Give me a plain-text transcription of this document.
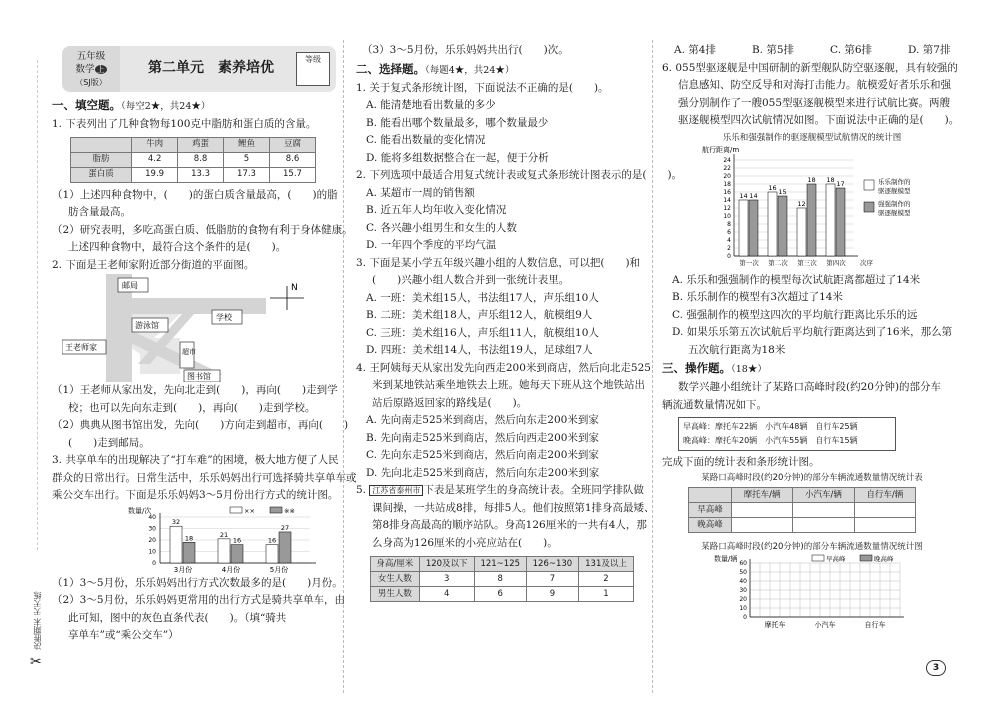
五年级
数学 上
（SJ版）
第二单元　素养培优
等级
决胜期末 天天练
✂
一、填空题。（每空2★，共24★）
1. 下表列出了几种食物每100克中脂肪和蛋白质的含量。
	牛肉	鸡蛋	鲤鱼	豆腐
脂肪	4.2	8.8	5	8.6
蛋白质	19.9	13.3	17.3	15.7
（1）上述四种食物中，(　　)的蛋白质含量最高，(　　)的脂
肪含量最高。
（2）研究表明，多吃高蛋白质、低脂肪的食物有利于身体健康。
上述四种食物中，最符合这个条件的是(　　)。
2. 下面是王老师家附近部分街道的平面图。
邮局
游泳馆
学校
王老师家	超市
图书馆
N
（1）王老师从家出发，先向北走到(　　)，再向(　　)走到学
校；也可以先向东走到(　　)，再向(　　)走到学校。
（2）典典从图书馆出发，先向(　　)方向走到超市，再向(　　)
(　　)走到邮局。
3. 共享单车的出现解决了“打车难”的困境，极大地方便了人民
群众的日常出行。日常生活中，乐乐妈妈出行可选择骑共享单车或
乘公交车出行。下面是乐乐妈妈3～5月份出行方式的统计图。
数量/次
0
10
20
30
40
××	※※
32
18
3月份
21
16
4月份
16
27
5月份
（1）3～5月份，乐乐妈妈出行方式次数最多的是(　　)月份。
（2）3～5月份，乐乐妈妈更常用的出行方式是骑共享单车，由
此可知，图中的灰色直条代表(　　)。（填“骑共
享单车”或“乘公交车”）
（3）3～5月份，乐乐妈妈共出行(　　)次。
二、选择题。（每题4★，共24★）
1. 关于复式条形统计图，下面说法不正确的是(　　)。
A. 能清楚地看出数量的多少
B. 能看出哪个数量最多，哪个数量最少
C. 能看出数量的变化情况
D. 能将多组数据整合在一起，便于分析
2. 下列选项中最适合用复式统计表或复式条形统计图表示的是(　　)。
A. 某超市一周的销售额
B. 近五年人均年收入变化情况
C. 各兴趣小组男生和女生的人数
D. 一年四个季度的平均气温
3. 下面是某小学五年级兴趣小组的人数信息，可以把(　　)和
(　　)兴趣小组人数合并到一张统计表里。
A. 一班：美术组15人，书法组17人，声乐组10人
B. 二班：美术组18人，声乐组12人，航模组9人
C. 三班：美术组16人，声乐组11人，航模组10人
D. 四班：美术组14人，书法组19人，足球组7人
4. 王阿姨每天从家出发先向西走200米到商店，然后向北走525
米到某地铁站乘坐地铁去上班。她每天下班从这个地铁站出
站后原路返回家的路线是(　　)。
A. 先向南走525米到商店，然后向东走200米到家
B. 先向南走525米到商店，然后向西走200米到家
C. 先向东走525米到商店，然后向南走200米到家
D. 先向北走525米到商店，然后向东走200米到家
5. 江苏省泰州市 下表是某班学生的身高统计表。全班同学排队做
课间操，一共站成8排，每排5人。他们按照第1排身高最矮、
第8排身高最高的顺序站队。身高126厘米的一共有4人，那
么身高为126厘米的小亮应站在(　　)。
身高/厘米	120及以下	121~125	126~130	131及以上
女生人数	3	8	7	2
男生人数	4	6	9	1
A. 第4排	B. 第5排	C. 第6排	D. 第7排
6. 055型驱逐舰是中国研制的新型舰队防空驱逐舰，具有较强的
信息感知、防空反导和对海打击能力。航模爱好者乐乐和强
强分别制作了一艘055型驱逐舰模型来进行试航比赛。两艘
驱逐舰模型四次试航情况如图。下面说法中正确的是(　　)。
乐乐和强强制作的驱逐舰模型试航情况的统计图
航行距离/m
0
2
4
6
8
10
12
14
16
18
20
22
24
14 14
第一次
16 15
第二次
12
18
第三次
18 17
第四次 次序
乐乐制作的
驱逐舰模型
强强制作的
驱逐舰模型
A. 乐乐和强强制作的模型每次试航距离都超过了14米
B. 乐乐制作的模型有3次超过了14米
C. 强强制作的模型这四次的平均航行距离比乐乐的远
D. 如果乐乐第五次试航后平均航行距离达到了16米，那么第
五次航行距离为18米
三、操作题。（18★）
数学兴趣小组统计了某路口高峰时段(约20分钟)的部分车
辆流通数量情况如下。
早高峰：摩托车22辆　小汽车48辆　自行车25辆
晚高峰：摩托车20辆　小汽车55辆　自行车15辆
完成下面的统计表和条形统计图。
某路口高峰时段(约20分钟)的部分车辆流通数量情况统计表
	摩托车/辆	小汽车/辆	自行车/辆
早高峰			
晚高峰			
某路口高峰时段(约20分钟)的部分车辆流通数量情况统计图
数量/辆	早高峰	晚高峰
0
10
20
30
40
50
60
摩托车	小汽车	自行车
3
